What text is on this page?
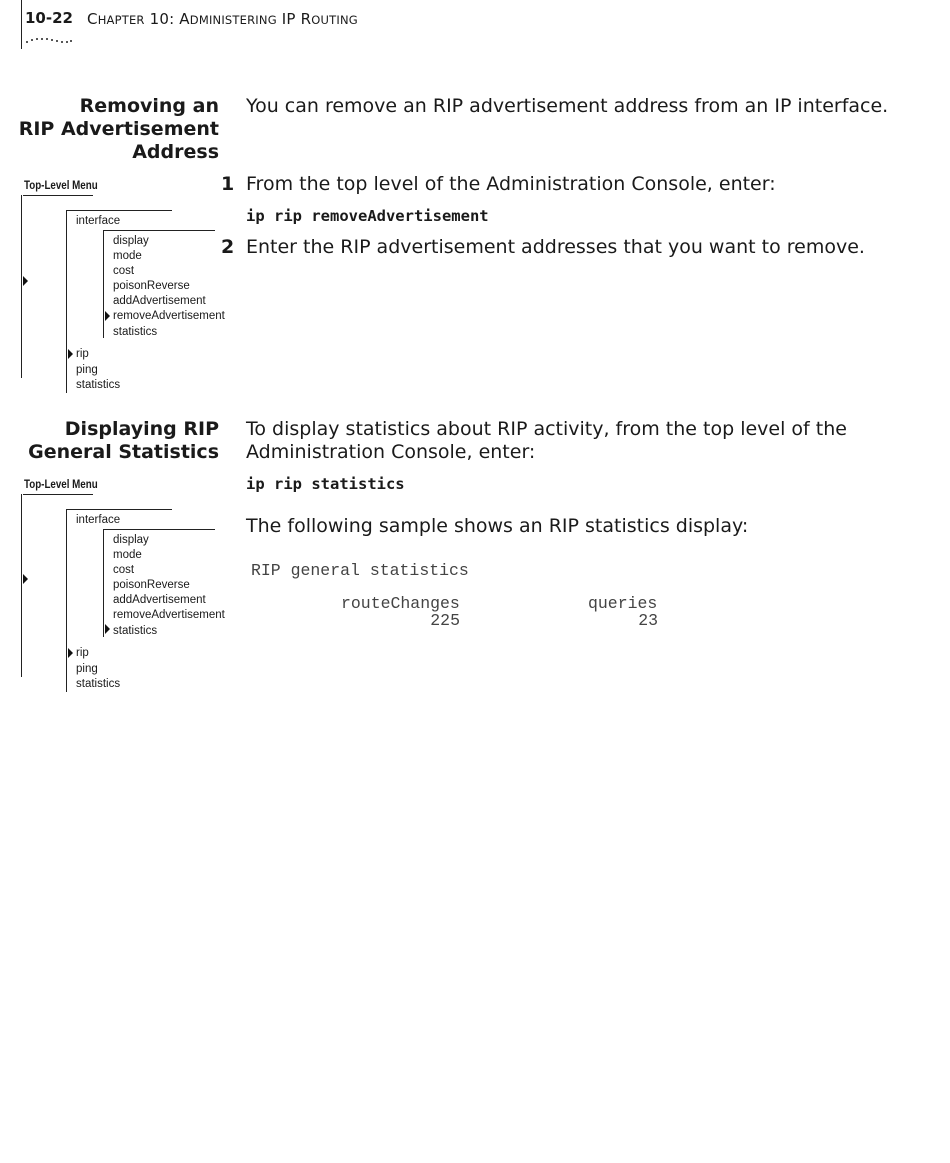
10-22 CHAPTER 10: ADMINISTERING IP ROUTING
Removing an
RIP Advertisement
Address
You can remove an RIP advertisement address from an IP interface.
1 From the top level of the Administration Console, enter:
ip rip removeAdvertisement
2 Enter the RIP advertisement addresses that you want to remove.
Top-Level Menu
interface
rip
ping
statistics
display
mode
cost
poisonReverse
addAdvertisement
removeAdvertisement
statistics
Displaying RIP
General Statistics
To display statistics about RIP activity, from the top level of the
Administration Console, enter:
ip rip statistics
The following sample shows an RIP statistics display:
RIP general statistics
routeChanges	queries
225	23
Top-Level Menu
interface
rip
ping
statistics
display
mode
cost
poisonReverse
addAdvertisement
removeAdvertisement
statistics
